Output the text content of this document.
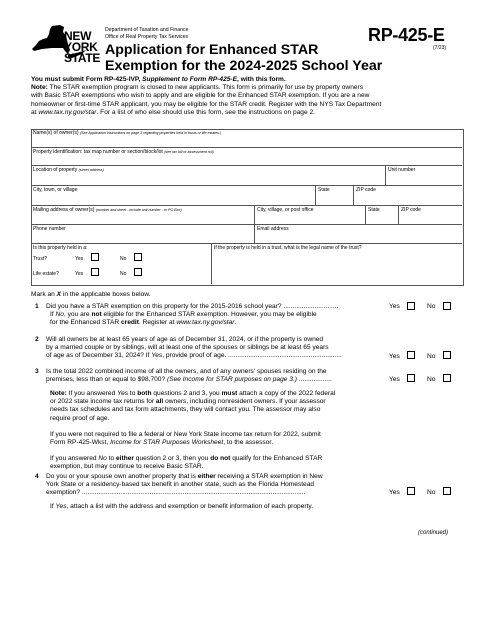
NEW
YORK
STATE
Department of Taxation and Finance
Office of Real Property Tax Services
Application for Enhanced STAR
Exemption for the 2024-2025 School Year
RP-425-E
(7/23)
You must submit Form RP-425-IVP, Supplement to Form RP-425-E, with this form.
Note: The STAR exemption program is closed to new applicants. This form is primarily for use by property owners
with Basic STAR exemptions who wish to apply and are eligible for the Enhanced STAR exemption. If you are a new
homeowner or first-time STAR applicant, you may be eligible for the STAR credit. Register with the NYS Tax Department
at www.tax.ny.gov/star. For a list of who else should use this form, see the instructions on page 2.
Name(s) of owner(s) (See Application instructions on page 3 regarding properties held in trusts or life estates.)
Property identification: tax map number or section/block/lot (see tax bill or assessment roll)
Location of property (street address)	Unit number
City, town, or village	State	ZIP code
Mailing address of owner(s) (number and street - include unit number - or PO Box)	City, village, or post office	State	ZIP code
Phone number	Email address
Is this property held in a:	If the property is held in a trust, what is the legal name of the trust?
Trust?	Yes	No
Life estate?	Yes	No
Mark an X in the applicable boxes below.
1 Did you have a STAR exemption on this property for the 2015-2016 school year? ..............................
If No, you are not eligible for the Enhanced STAR exemption. However, you may be eligible
for the Enhanced STAR credit. Register at www.tax.ny.gov/star.
Yes	No
2 Will all owners be at least 65 years of age as of December 31, 2024, or if the property is owned
by a married couple or by siblings, will at least one of the spouses or siblings be at least 65 years
of age as of December 31, 2024? If Yes, provide proof of age. ..............................................................	Yes	No
3 Is the total 2022 combined income of all the owners, and of any owners' spouses residing on the
premises, less than or equal to $98,700? (See Income for STAR purposes on page 3.) ..................	Yes	No
Note: If you answered Yes to both questions 2 and 3, you must attach a copy of the 2022 federal
or 2022 state income tax returns for all owners, including nonresident owners. If your assessor
needs tax schedules and tax form attachments, they will contact you. The assessor may also
require proof of age.
If you were not required to file a federal or New York State income tax return for 2022, submit
Form RP-425-Wkst, Income for STAR Purposes Worksheet, to the assessor.
If you answered No to either question 2 or 3, then you do not qualify for the Enhanced STAR
exemption, but may continue to receive Basic STAR.
4 Do you or your spouse own another property that is either receiving a STAR exemption in New
York State or a residency-based tax benefit in another state, such as the Florida Homestead
exemption? ..........................................................................................................................	Yes	No
If Yes, attach a list with the address and exemption or benefit information of each property.
(continued)
